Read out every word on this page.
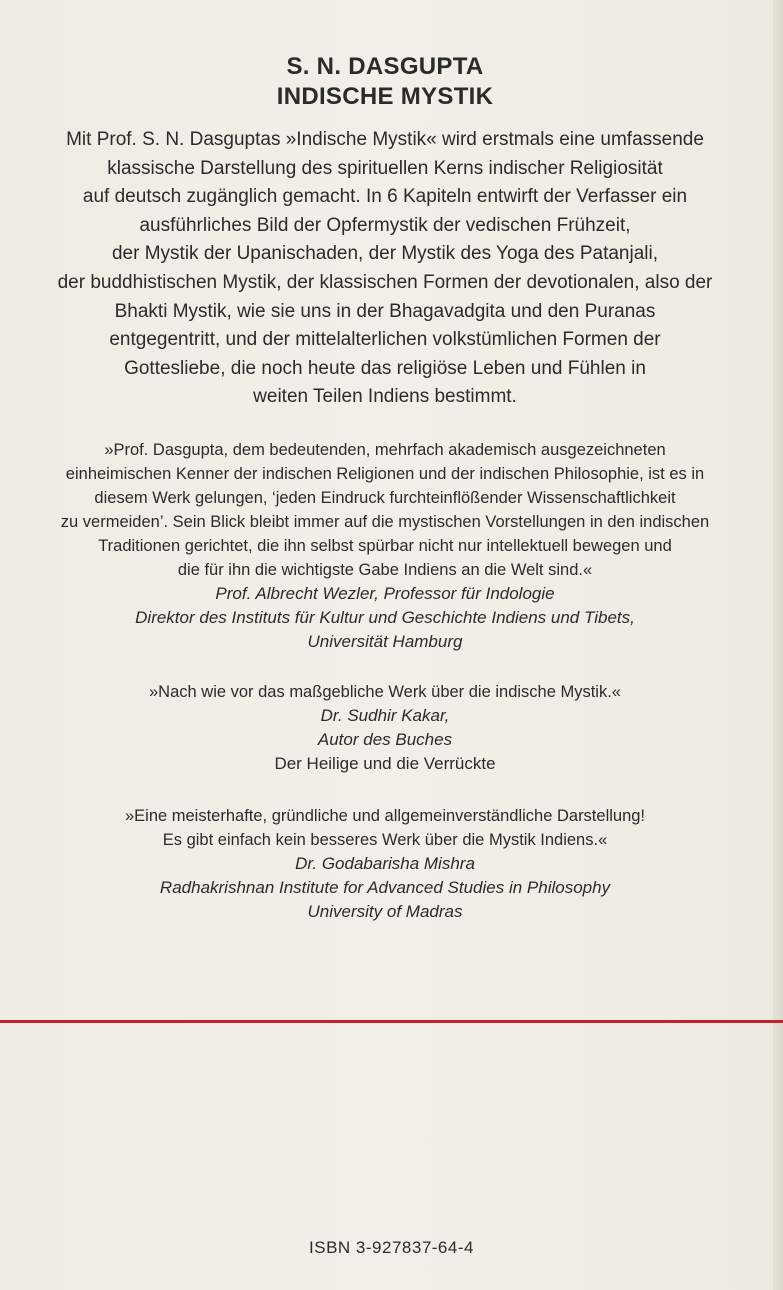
S. N. DASGUPTA
INDISCHE MYSTIK

Mit Prof. S. N. Dasguptas »Indische Mystik« wird erstmals eine umfassende
klassische Darstellung des spirituellen Kerns indischer Religiosität
auf deutsch zugänglich gemacht. In 6 Kapiteln entwirft der Verfasser ein
ausführliches Bild der Opfermystik der vedischen Frühzeit,
der Mystik der Upanischaden, der Mystik des Yoga des Patanjali,
der buddhistischen Mystik, der klassischen Formen der devotionalen, also der
Bhakti Mystik, wie sie uns in der Bhagavadgita und den Puranas
entgegentritt, und der mittelalterlichen volkstümlichen Formen der
Gottesliebe, die noch heute das religiöse Leben und Fühlen in
weiten Teilen Indiens bestimmt.

»Prof. Dasgupta, dem bedeutenden, mehrfach akademisch ausgezeichneten
einheimischen Kenner der indischen Religionen und der indischen Philosophie, ist es in
diesem Werk gelungen, ‘jeden Eindruck furchteinflößender Wissenschaftlichkeit
zu vermeiden’. Sein Blick bleibt immer auf die mystischen Vorstellungen in den indischen
Traditionen gerichtet, die ihn selbst spürbar nicht nur intellektuell bewegen und
die für ihn die wichtigste Gabe Indiens an die Welt sind.«
Prof. Albrecht Wezler, Professor für Indologie
Direktor des Instituts für Kultur und Geschichte Indiens und Tibets,
Universität Hamburg
»Nach wie vor das maßgebliche Werk über die indische Mystik.«
Dr. Sudhir Kakar,
Autor des Buches
Der Heilige und die Verrückte
»Eine meisterhafte, gründliche und allgemeinverständliche Darstellung!
Es gibt einfach kein besseres Werk über die Mystik Indiens.«
Dr. Godabarisha Mishra
Radhakrishnan Institute for Advanced Studies in Philosophy
University of Madras
ISBN 3-927837-64-4
